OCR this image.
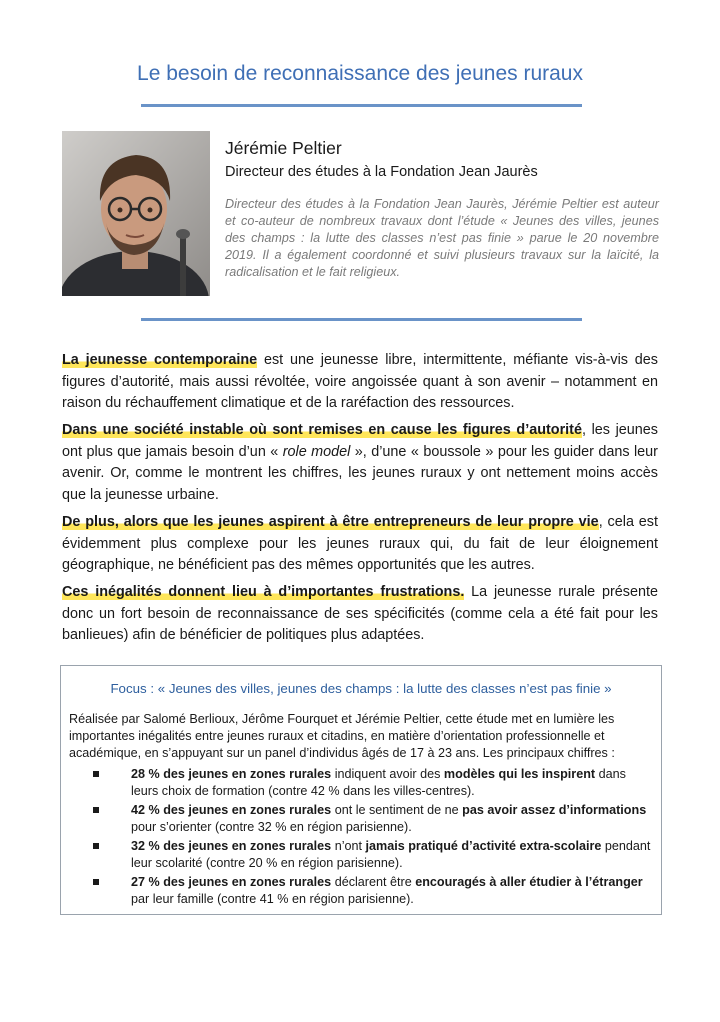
Le besoin de reconnaissance des jeunes ruraux
Jérémie Peltier
Directeur des études à la Fondation Jean Jaurès
Directeur des études à la Fondation Jean Jaurès, Jérémie Peltier est auteur et co-auteur de nombreux travaux dont l’étude « Jeunes des villes, jeunes des champs : la lutte des classes n’est pas finie » parue le 20 novembre 2019. Il a également coordonné et suivi plusieurs travaux sur la laïcité, la radicalisation et le fait religieux.

La jeunesse contemporaine est une jeunesse libre, intermittente, méfiante vis-à-vis des figures d’autorité, mais aussi révoltée, voire angoissée quant à son avenir – notamment en raison du réchauffement climatique et de la raréfaction des ressources.

Dans une société instable où sont remises en cause les figures d’autorité, les jeunes ont plus que jamais besoin d’un « role model », d’une « boussole » pour les guider dans leur avenir. Or, comme le montrent les chiffres, les jeunes ruraux y ont nettement moins accès que la jeunesse urbaine.

De plus, alors que les jeunes aspirent à être entrepreneurs de leur propre vie, cela est évidemment plus complexe pour les jeunes ruraux qui, du fait de leur éloignement géographique, ne bénéficient pas des mêmes opportunités que les autres.

Ces inégalités donnent lieu à d’importantes frustrations. La jeunesse rurale présente donc un fort besoin de reconnaissance de ses spécificités (comme cela a été fait pour les banlieues) afin de bénéficier de politiques plus adaptées.

Focus : « Jeunes des villes, jeunes des champs : la lutte des classes n’est pas finie »
Réalisée par Salomé Berlioux, Jérôme Fourquet et Jérémie Peltier, cette étude met en lumière les importantes inégalités entre jeunes ruraux et citadins, en matière d’orientation professionnelle et académique, en s’appuyant sur un panel d’individus âgés de 17 à 23 ans. Les principaux chiffres :
28 % des jeunes en zones rurales indiquent avoir des modèles qui les inspirent dans leurs choix de formation (contre 42 % dans les villes-centres).
42 % des jeunes en zones rurales ont le sentiment de ne pas avoir assez d’informations pour s’orienter (contre 32 % en région parisienne).
32 % des jeunes en zones rurales n’ont jamais pratiqué d’activité extra-scolaire pendant leur scolarité (contre 20 % en région parisienne).
27 % des jeunes en zones rurales déclarent être encouragés à aller étudier à l’étranger par leur famille (contre 41 % en région parisienne).
